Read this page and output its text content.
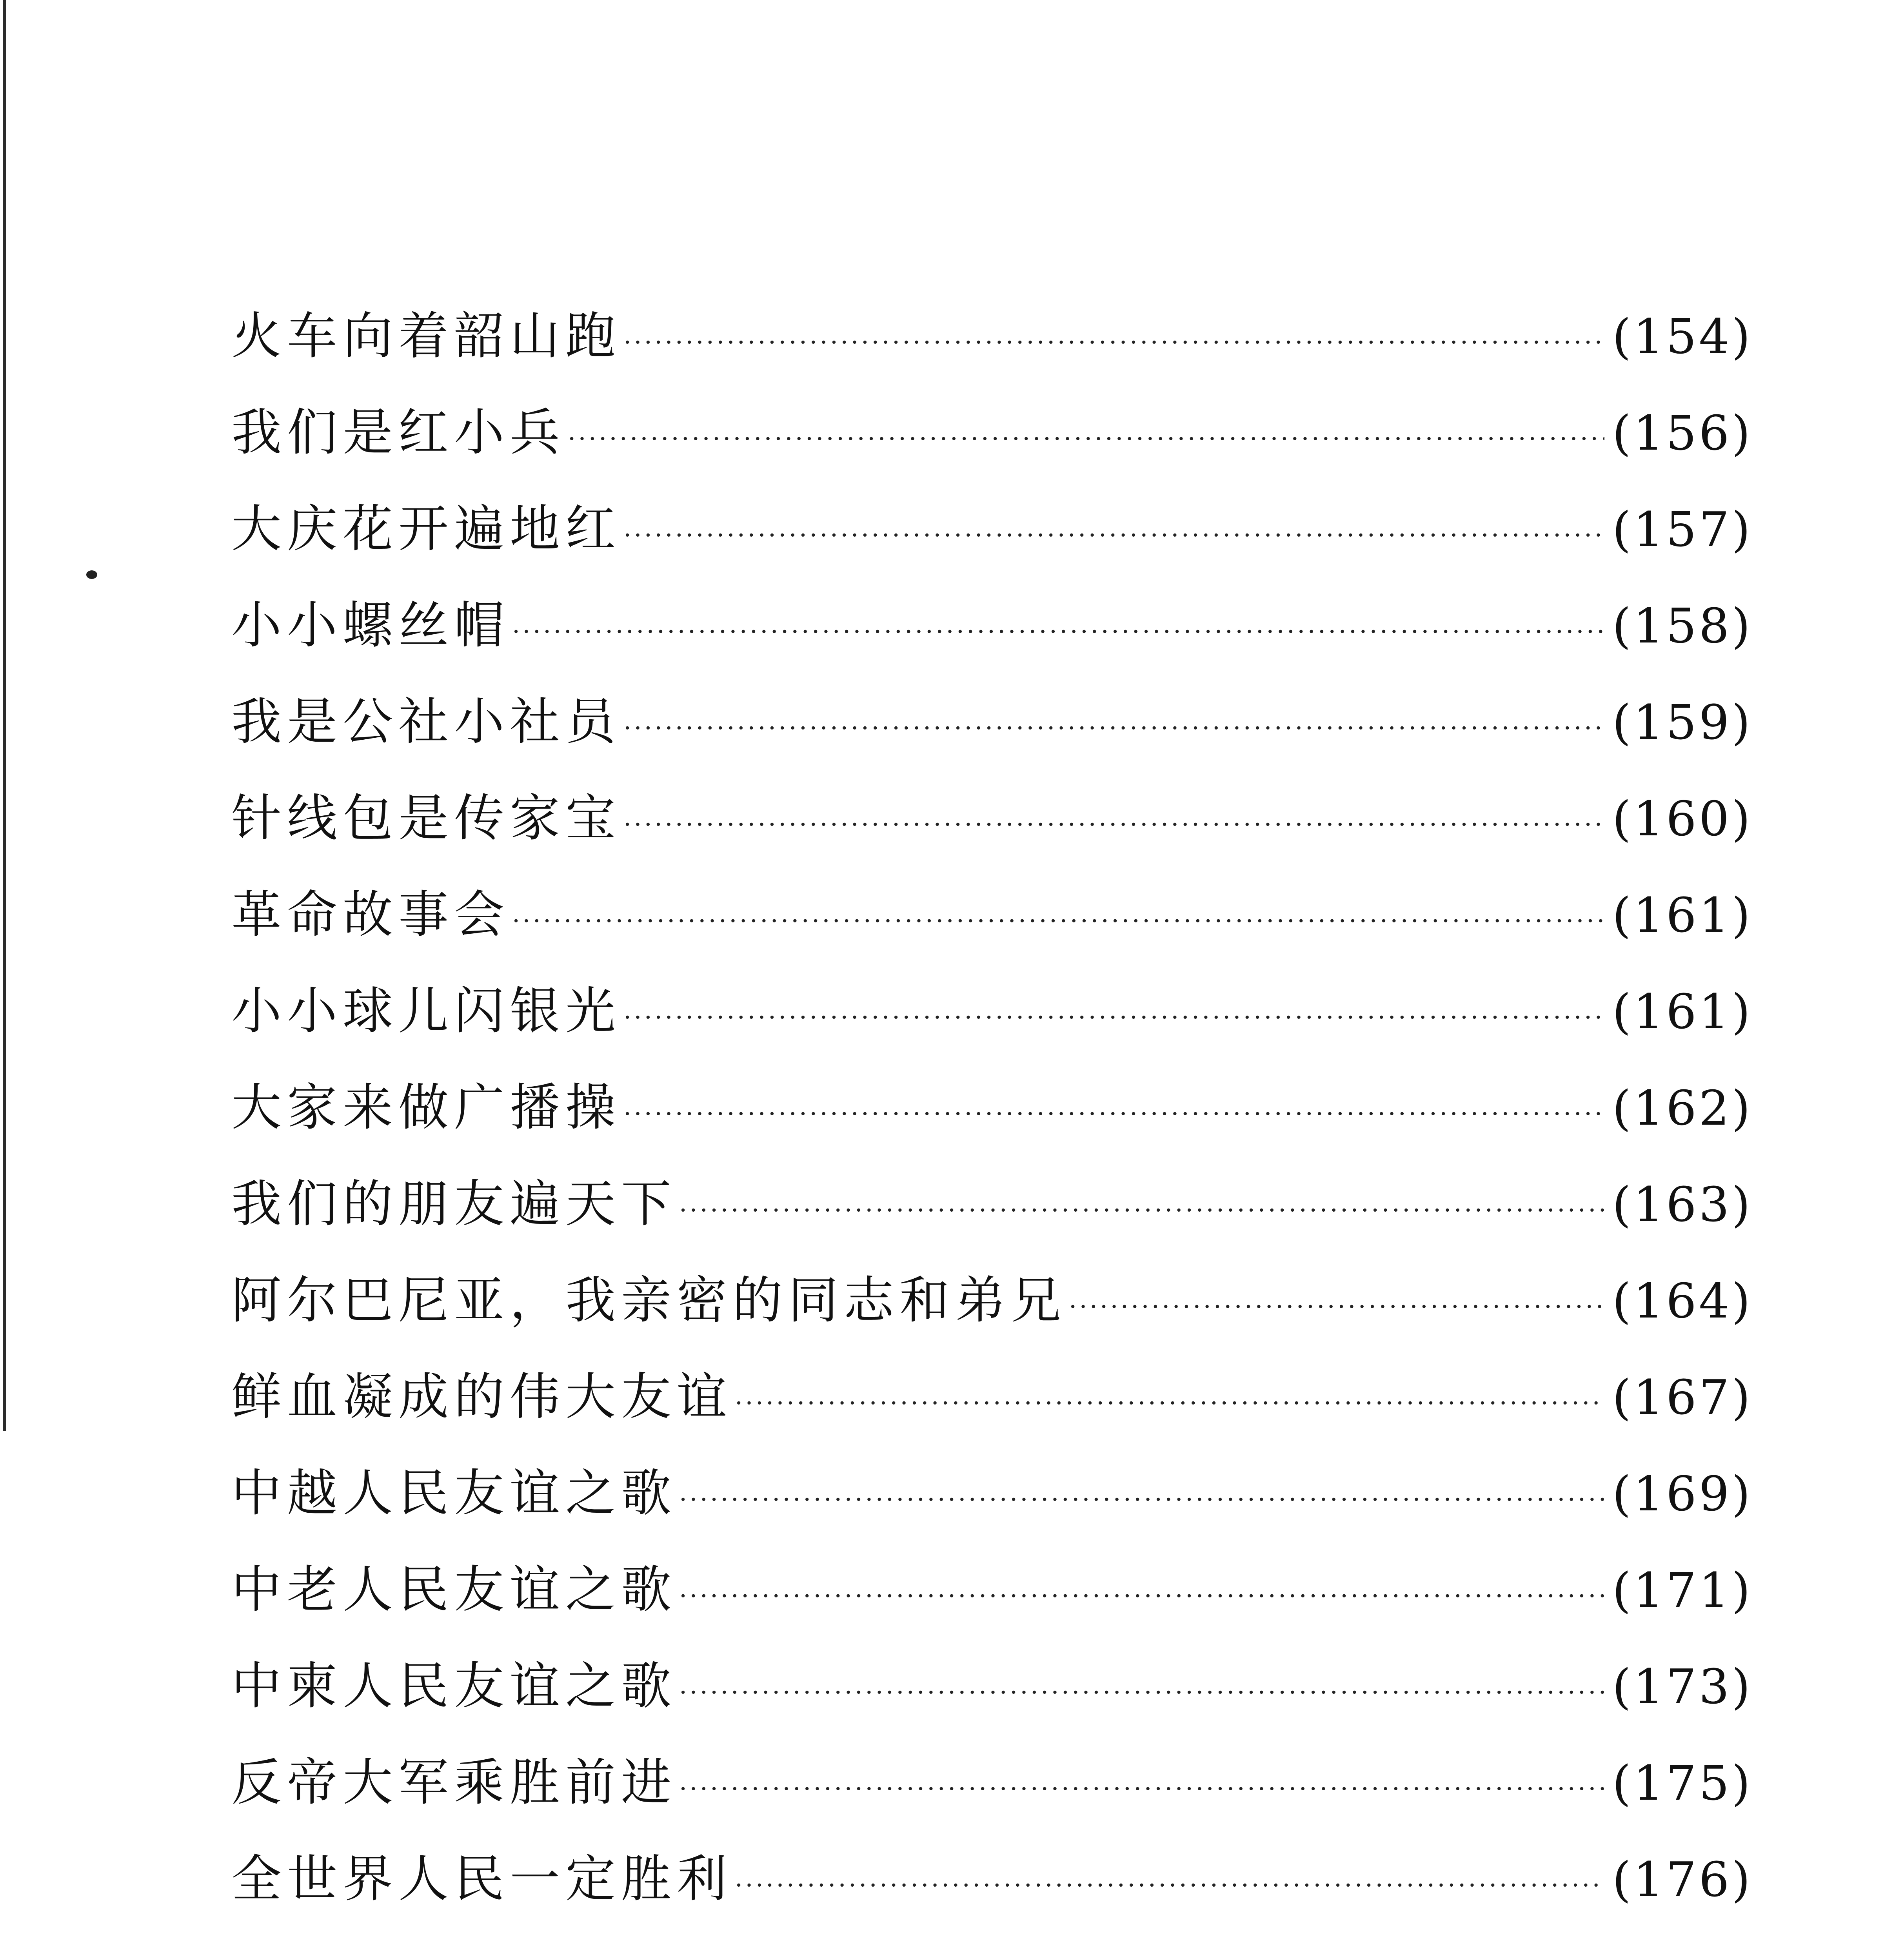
火车向着韶山跑 ·····	(154)
我们是红小兵 ·····	(156)
大庆花开遍地红 ·····	(157)
小小螺丝帽 ·····	(158)
我是公社小社员 ·····	(159)
针线包是传家宝 ·····	(160)
革命故事会 ·····	(161)
小小球儿闪银光 ·····	(161)
大家来做广播操 ·····	(162)
我们的朋友遍天下 ·····	(163)
阿尔巴尼亚，我亲密的同志和弟兄 ·····	(164)
鲜血凝成的伟大友谊 ·····	(167)
中越人民友谊之歌 ·····	(169)
中老人民友谊之歌 ·····	(171)
中柬人民友谊之歌 ·····	(173)
反帝大军乘胜前进 ·····	(175)
全世界人民一定胜利 ·····	(176)
